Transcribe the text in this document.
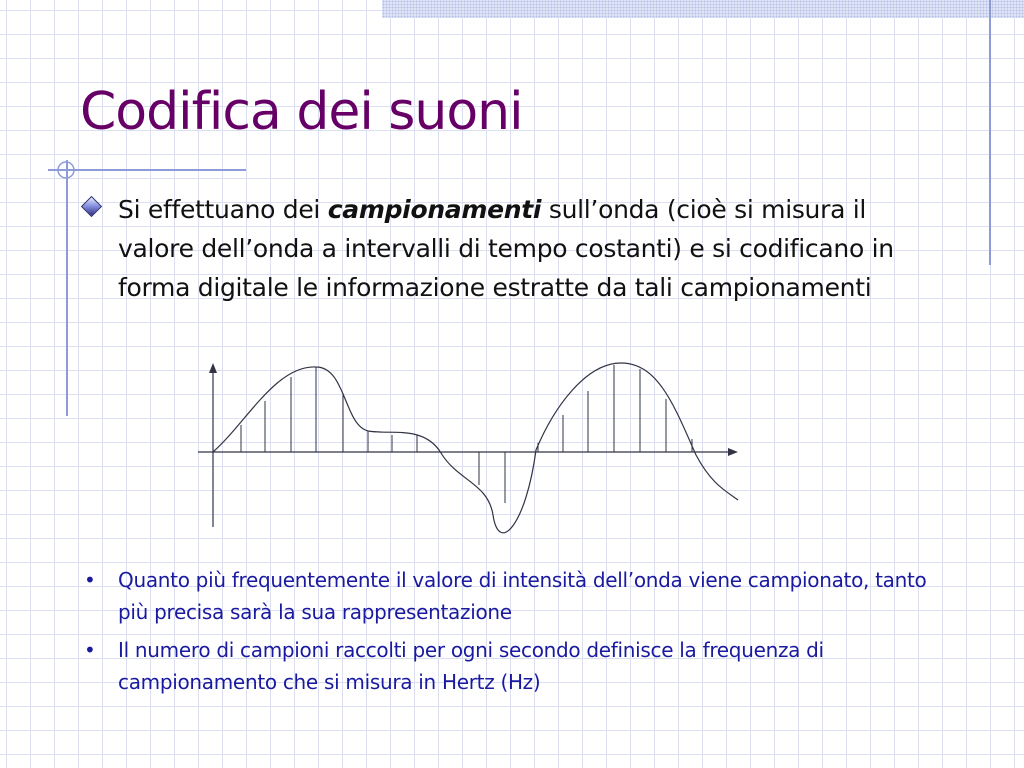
Codifica dei suoni

Si effettuano dei campionamenti sull’onda (cioè si misura il valore dell’onda a intervalli di tempo costanti) e si codificano in forma digitale le informazione estratte da tali campionamenti

• Quanto più frequentemente il valore di intensità dell’onda viene campionato, tanto più precisa sarà la sua rappresentazione

• Il numero di campioni raccolti per ogni secondo definisce la frequenza di campionamento che si misura in Hertz (Hz)
